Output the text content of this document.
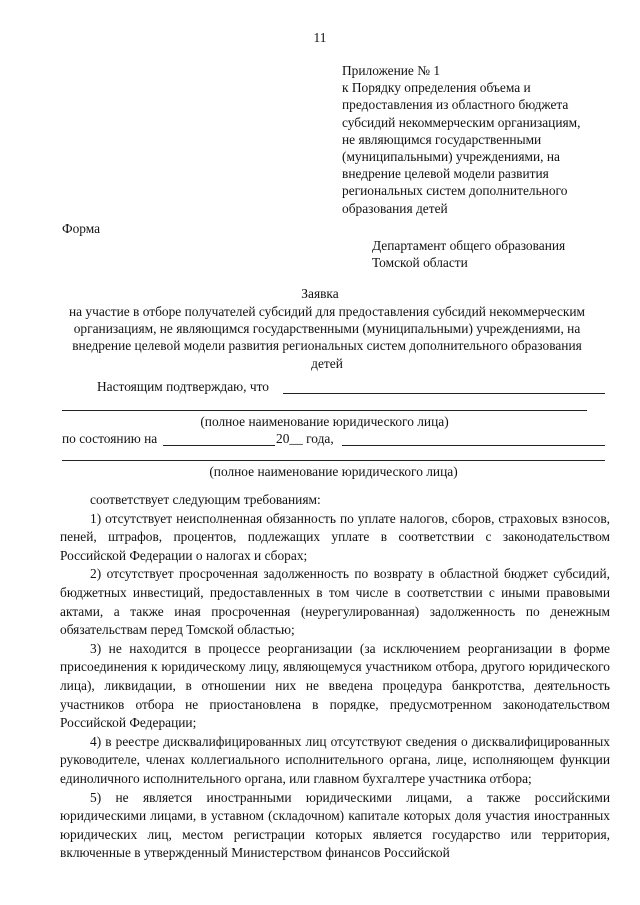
11
Приложение № 1
к Порядку определения объема и
предоставления из областного бюджета
субсидий некоммерческим организациям,
не являющимся государственными
(муниципальными) учреждениями, на
внедрение целевой модели развития
региональных систем дополнительного
образования детей
Форма
Департамент общего образования
Томской области
Заявка
на участие в отборе получателей субсидий для предоставления субсидий некоммерческим организациям, не являющимся государственными (муниципальными) учреждениями, на внедрение целевой модели развития региональных систем дополнительного образования детей
Настоящим подтверждаю, что
(полное наименование юридического лица)
по состоянию на	20__ года,
(полное наименование юридического лица)

соответствует следующим требованиям:

1) отсутствует неисполненная обязанность по уплате налогов, сборов, страховых взносов, пеней, штрафов, процентов, подлежащих уплате в соответствии с законодательством Российской Федерации о налогах и сборах;

2) отсутствует просроченная задолженность по возврату в областной бюджет субсидий, бюджетных инвестиций, предоставленных в том числе в соответствии с иными правовыми актами, а также иная просроченная (неурегулированная) задолженность по денежным обязательствам перед Томской областью;

3) не находится в процессе реорганизации (за исключением реорганизации в форме присоединения к юридическому лицу, являющемуся участником отбора, другого юридического лица), ликвидации, в отношении них не введена процедура банкротства, деятельность участников отбора не приостановлена в порядке, предусмотренном законодательством Российской Федерации;

4) в реестре дисквалифицированных лиц отсутствуют сведения о дисквалифицированных руководителе, членах коллегиального исполнительного органа, лице, исполняющем функции единоличного исполнительного органа, или главном бухгалтере участника отбора;

5) не является иностранными юридическими лицами, а также российскими юридическими лицами, в уставном (складочном) капитале которых доля участия иностранных юридических лиц, местом регистрации которых является государство или территория, включенные в утвержденный Министерством финансов Российской
